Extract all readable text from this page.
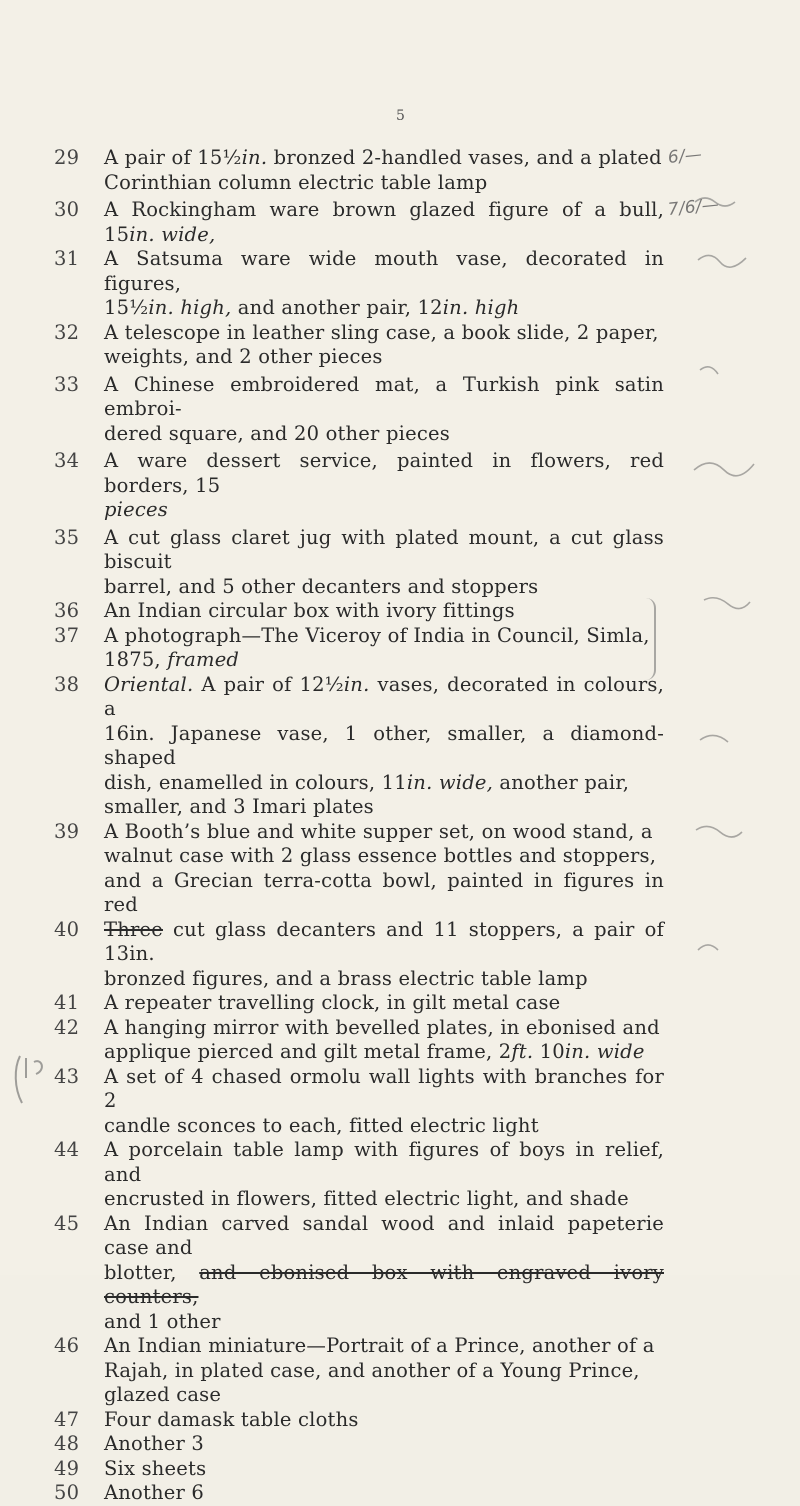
5
29	A pair of 15½in. bronzed 2-handled vases, and a plated
Corinthian column electric table lamp
6/—
30	A Rockingham ware brown glazed figure of a bull, 15in. wide,
7/6/—
31	A Satsuma ware wide mouth vase, decorated in figures,
15½in. high, and another pair, 12in. high
32	A telescope in leather sling case, a book slide, 2 paper,
weights, and 2 other pieces
33	A Chinese embroidered mat, a Turkish pink satin embroi-
dered square, and 20 other pieces
34	A ware dessert service, painted in flowers, red borders, 15
pieces
35	A cut glass claret jug with plated mount, a cut glass biscuit
barrel, and 5 other decanters and stoppers
36	An Indian circular box with ivory fittings
37	A photograph—The Viceroy of India in Council, Simla,
1875, framed
38	Oriental. A pair of 12½in. vases, decorated in colours, a
16in. Japanese vase, 1 other, smaller, a diamond-shaped
dish, enamelled in colours, 11in. wide, another pair,
smaller, and 3 Imari plates
39	A Booth’s blue and white supper set, on wood stand, a
walnut case with 2 glass essence bottles and stoppers,
and a Grecian terra-cotta bowl, painted in figures in red
40	Three cut glass decanters and 11 stoppers, a pair of 13in.
bronzed figures, and a brass electric table lamp
41	A repeater travelling clock, in gilt metal case
42	A hanging mirror with bevelled plates, in ebonised and
applique pierced and gilt metal frame, 2ft. 10in. wide
43	A set of 4 chased ormolu wall lights with branches for 2
candle sconces to each, fitted electric light
44	A porcelain table lamp with figures of boys in relief, and
encrusted in flowers, fitted electric light, and shade
45	An Indian carved sandal wood and inlaid papeterie case and
blotter, and ebonised box with engraved ivory counters,
and 1 other
46	An Indian miniature—Portrait of a Prince, another of a
Rajah, in plated case, and another of a Young Prince,
glazed case
47	Four damask table cloths
48	Another 3
49	Six sheets
50	Another 6
